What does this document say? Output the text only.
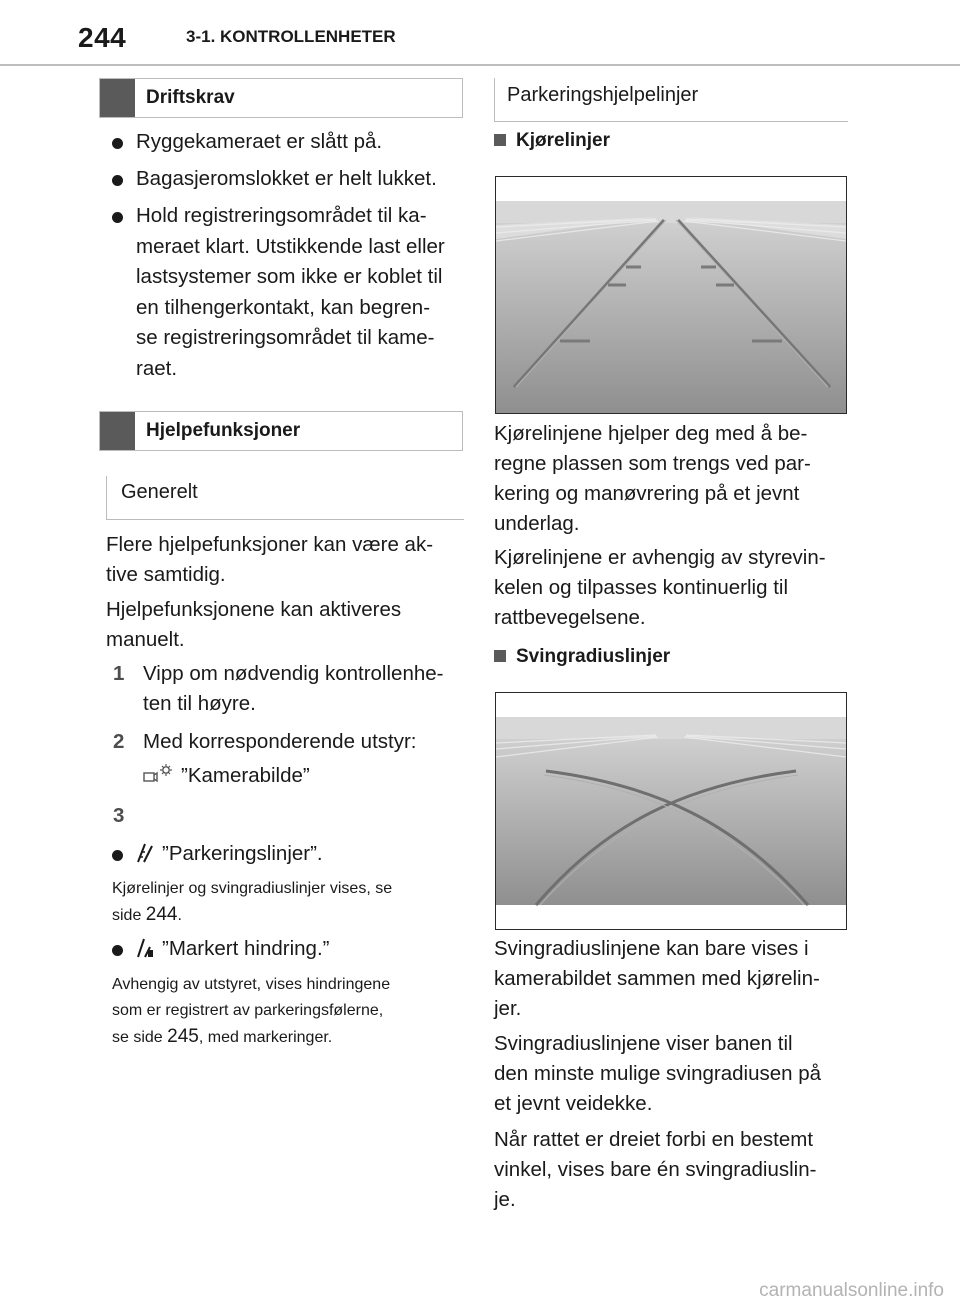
244	3-1. KONTROLLENHETER
Driftskrav
Ryggekameraet er slått på.
Bagasjeromslokket er helt lukket.
Hold registreringsområdet til ka-
meraet klart. Utstikkende last eller
lastsystemer som ikke er koblet til
en tilhengerkontakt, kan begren-
se registreringsområdet til kame-
raet.
Hjelpefunksjoner
Generelt
Flere hjelpefunksjoner kan være ak-
tive samtidig.
Hjelpefunksjonene kan aktiveres
manuelt.
1 Vipp om nødvendig kontrollenhe-
ten til høyre.
2 Med korresponderende utstyr:
”Kamerabilde”
3
”Parkeringslinjer”.
Kjørelinjer og svingradiuslinjer vises, se
side 244.
”Markert hindring.”
Avhengig av utstyret, vises hindringene
som er registrert av parkeringsfølerne,
se side 245, med markeringer.
Parkeringshjelpelinjer
Kjørelinjer
Kjørelinjene hjelper deg med å be-
regne plassen som trengs ved par-
kering og manøvrering på et jevnt
underlag.
Kjørelinjene er avhengig av styrevin-
kelen og tilpasses kontinuerlig til
rattbevegelsene.
Svingradiuslinjer
Svingradiuslinjene kan bare vises i
kamerabildet sammen med kjørelin-
jer.
Svingradiuslinjene viser banen til
den minste mulige svingradiusen på
et jevnt veidekke.
Når rattet er dreiet forbi en bestemt
vinkel, vises bare én svingradiuslin-
je.
carmanualsonline.info
